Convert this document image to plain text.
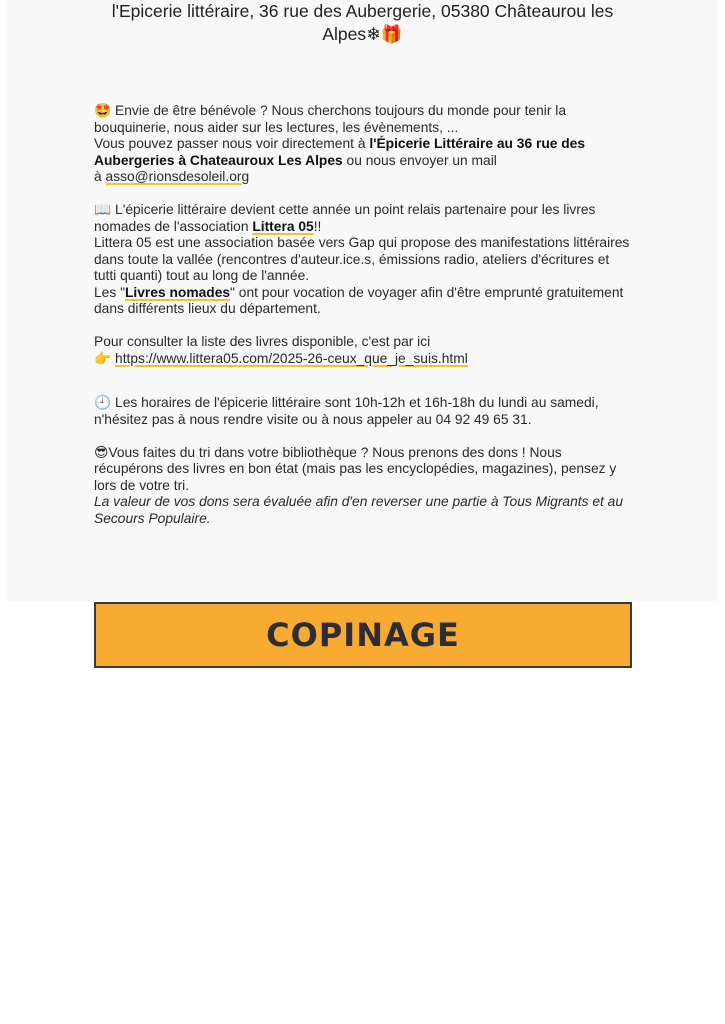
l'Epicerie littéraire, 36 rue des Aubergerie, 05380 Châteaurou les
Alpes❄🎁

🤩 Envie de être bénévole ? Nous cherchons toujours du monde pour tenir la bouquinerie, nous aider sur les lectures, les évènements, ...
Vous pouvez passer nous voir directement à l'Épicerie Littéraire au 36 rue des Aubergeries à Chateauroux Les Alpes ou nous envoyer un mail
à asso@rionsdesoleil.org

📖 L'épicerie littéraire devient cette année un point relais partenaire pour les livres nomades de l'association Littera 05!!
Littera 05 est une association basée vers Gap qui propose des manifestations littéraires dans toute la vallée (rencontres d'auteur.ice.s, émissions radio, ateliers d'écritures et tutti quanti) tout au long de l'année.
Les "Livres nomades" ont pour vocation de voyager afin d'être emprunté gratuitement dans différents lieux du département.

Pour consulter la liste des livres disponible, c'est par ici
👉 https://www.littera05.com/2025-26-ceux_que_je_suis.html

🕘 Les horaires de l'épicerie littéraire sont 10h-12h et 16h-18h du lundi au samedi, n'hésitez pas à nous rendre visite ou à nous appeler au 04 92 49 65 31.

😎Vous faites du tri dans votre bibliothèque ? Nous prenons des dons ! Nous récupérons des livres en bon état (mais pas les encyclopédies, magazines), pensez y lors de votre tri.
La valeur de vos dons sera évaluée afin d'en reverser une partie à Tous Migrants et au Secours Populaire.

COPINAGE
